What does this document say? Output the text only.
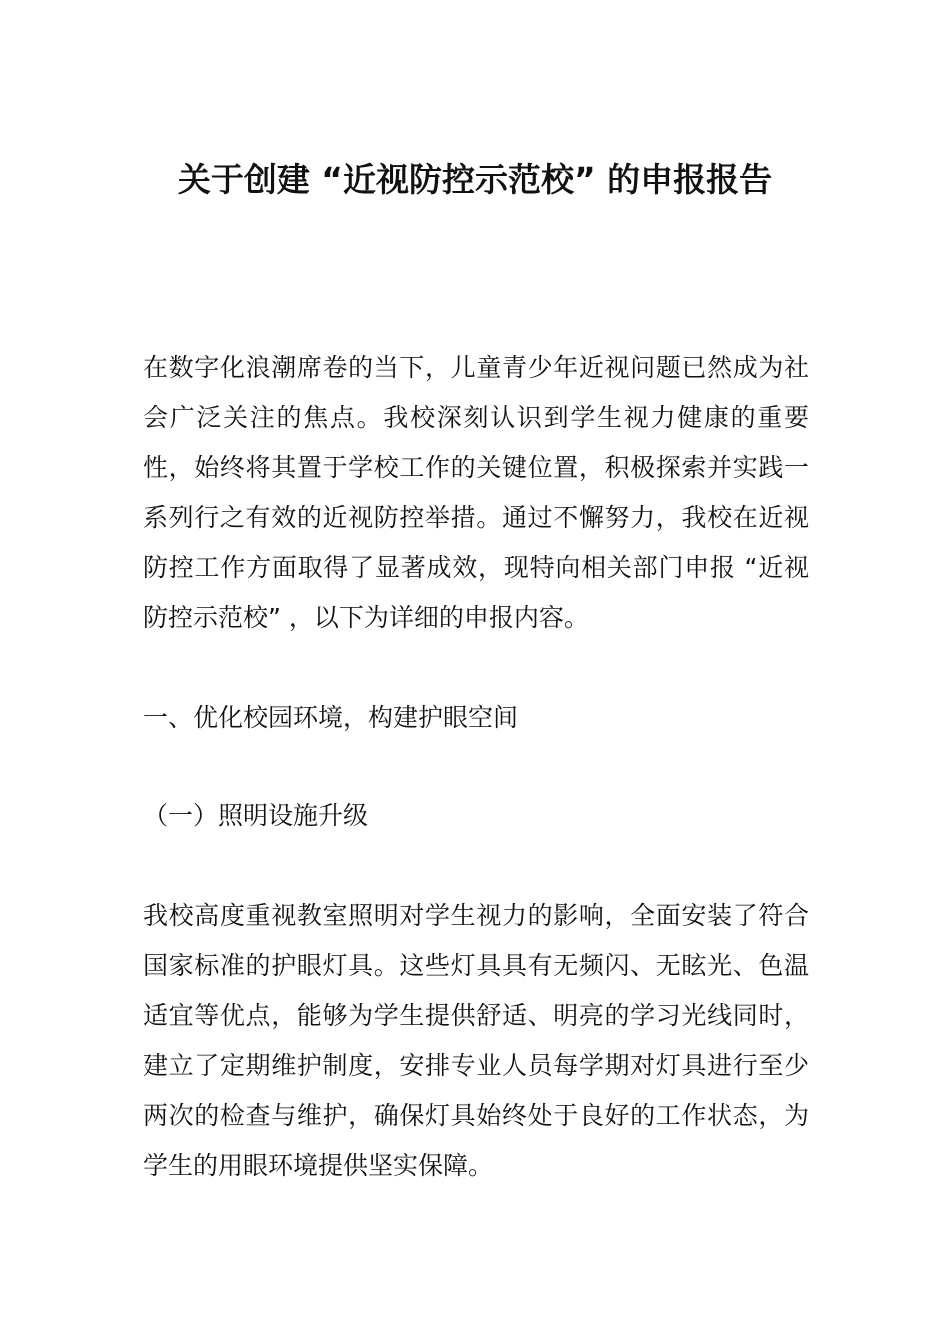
关于创建 “近视防控示范校” 的申报报告

在数字化浪潮席卷的当下，儿童青少年近视问题已然成为社会广泛关注的焦点。我校深刻认识到学生视力健康的重要性，始终将其置于学校工作的关键位置，积极探索并实践一系列行之有效的近视防控举措。通过不懈努力，我校在近视防控工作方面取得了显著成效，现特向相关部门申报 “近视防控示范校” ，以下为详细的申报内容。

一、优化校园环境，构建护眼空间

（一）照明设施升级

我校高度重视教室照明对学生视力的影响，全面安装了符合国家标准的护眼灯具。这些灯具具有无频闪、无眩光、色温适宜等优点，能够为学生提供舒适、明亮的学习光线同时，建立了定期维护制度，安排专业人员每学期对灯具进行至少两次的检查与维护，确保灯具始终处于良好的工作状态，为学生的用眼环境提供坚实保障。
